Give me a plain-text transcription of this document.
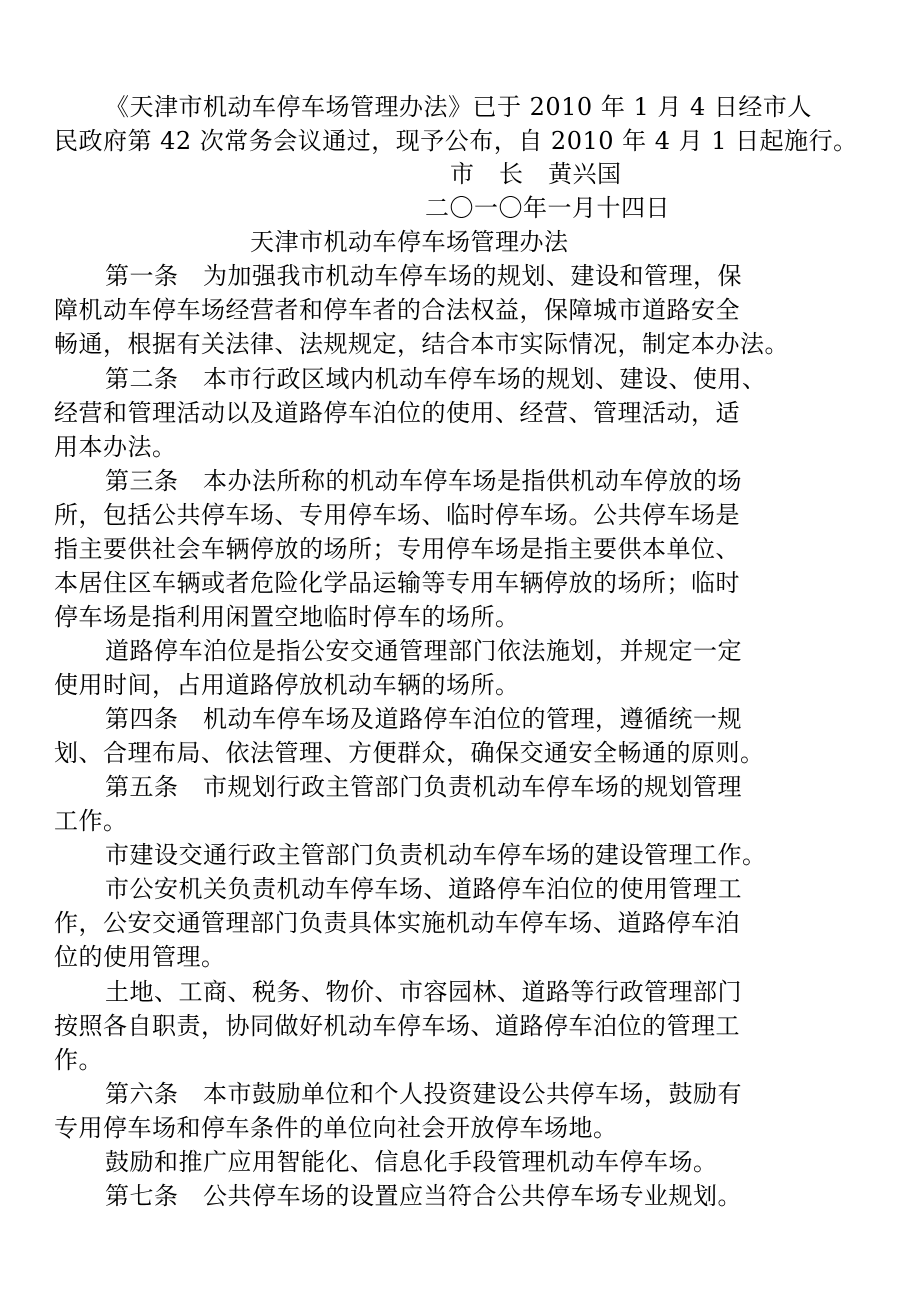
《天津市机动车停车场管理办法》已于 2010 年 1 月 4 日经市人
民政府第 42 次常务会议通过，现予公布，自 2010 年 4 月 1 日起施行。
市　长　黄兴国
二〇一〇年一月十四日
天津市机动车停车场管理办法
第一条　为加强我市机动车停车场的规划、建设和管理，保
障机动车停车场经营者和停车者的合法权益，保障城市道路安全
畅通，根据有关法律、法规规定，结合本市实际情况，制定本办法。
第二条　本市行政区域内机动车停车场的规划、建设、使用、
经营和管理活动以及道路停车泊位的使用、经营、管理活动，适
用本办法。
第三条　本办法所称的机动车停车场是指供机动车停放的场
所，包括公共停车场、专用停车场、临时停车场。公共停车场是
指主要供社会车辆停放的场所；专用停车场是指主要供本单位、
本居住区车辆或者危险化学品运输等专用车辆停放的场所；临时
停车场是指利用闲置空地临时停车的场所。
道路停车泊位是指公安交通管理部门依法施划，并规定一定
使用时间，占用道路停放机动车辆的场所。
第四条　机动车停车场及道路停车泊位的管理，遵循统一规
划、合理布局、依法管理、方便群众，确保交通安全畅通的原则。
第五条　市规划行政主管部门负责机动车停车场的规划管理
工作。
市建设交通行政主管部门负责机动车停车场的建设管理工作。
市公安机关负责机动车停车场、道路停车泊位的使用管理工
作，公安交通管理部门负责具体实施机动车停车场、道路停车泊
位的使用管理。
土地、工商、税务、物价、市容园林、道路等行政管理部门
按照各自职责，协同做好机动车停车场、道路停车泊位的管理工
作。
第六条　本市鼓励单位和个人投资建设公共停车场，鼓励有
专用停车场和停车条件的单位向社会开放停车场地。
鼓励和推广应用智能化、信息化手段管理机动车停车场。
第七条　公共停车场的设置应当符合公共停车场专业规划。
